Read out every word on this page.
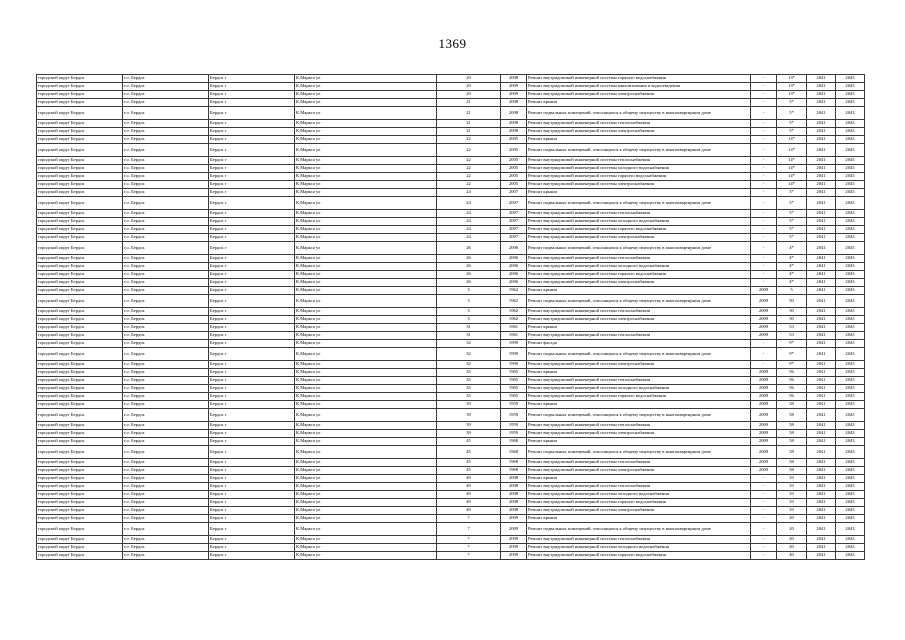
1369
городской округ Бердск	г.о. Бердск	Бердск г	К.Маркса ул	20	2008	Ремонт внутридомовой инженерной системы горячего водоснабжения	-	13*	2041	2043
городской округ Бердск	г.о. Бердск	Бердск г	К.Маркса ул	20	2009	Ремонт внутридомовой инженерной системы канализования и водоотведения	-	13*	2041	2043
городской округ Бердск	г.о. Бердск	Бердск г	К.Маркса ул	20	2009	Ремонт внутридомовой инженерной системы электроснабжения	-	13*	2041	2043
городской округ Бердск	г.о. Бердск	Бердск г	К.Маркса ул	21	2008	Ремонт крыши	-	5*	2041	2043
городской округ Бердск	г.о. Бердск	Бердск г	К.Маркса ул	21	2008	Ремонт подвальных помещений, относящихся к общему имуществу в многоквартирном доме	-	5*	2041	2043
городской округ Бердск	г.о. Бердск	Бердск г	К.Маркса ул	21	2008	Ремонт внутридомовой инженерной системы теплоснабжения	-	5*	2041	2043
городской округ Бердск	г.о. Бердск	Бердск г	К.Маркса ул	21	2008	Ремонт внутридомовой инженерной системы электроснабжения	-	5*	2041	2043
городской округ Бердск	г.о. Бердск	Бердск г	К.Маркса ул	22	2005	Ремонт крыши	-	14*	2041	2043
городской округ Бердск	г.о. Бердск	Бердск г	К.Маркса ул	22	2005	Ремонт подвальных помещений, относящихся к общему имуществу в многоквартирном доме	-	14*	2041	2043
городской округ Бердск	г.о. Бердск	Бердск г	К.Маркса ул	22	2005	Ремонт внутридомовой инженерной системы теплоснабжения	-	14*	2041	2043
городской округ Бердск	г.о. Бердск	Бердск г	К.Маркса ул	22	2005	Ремонт внутридомовой инженерной системы холодного водоснабжения	-	14*	2041	2043
городской округ Бердск	г.о. Бердск	Бердск г	К.Маркса ул	22	2005	Ремонт внутридомовой инженерной системы горячего водоснабжения	-	14*	2041	2043
городской округ Бердск	г.о. Бердск	Бердск г	К.Маркса ул	22	2005	Ремонт внутридомовой инженерной системы электроснабжения	-	14*	2041	2043
городской округ Бердск	г.о. Бердск	Бердск г	К.Маркса ул	24	2007	Ремонт крыши	-	5*	2041	2043
городской округ Бердск	г.о. Бердск	Бердск г	К.Маркса ул	24	2007	Ремонт подвальных помещений, относящихся к общему имуществу в многоквартирном доме	-	5*	2041	2043
городской округ Бердск	г.о. Бердск	Бердск г	К.Маркса ул	24	2007	Ремонт внутридомовой инженерной системы теплоснабжения	-	5*	2041	2043
городской округ Бердск	г.о. Бердск	Бердск г	К.Маркса ул	24	2007	Ремонт внутридомовой инженерной системы холодного водоснабжения	-	5*	2041	2043
городской округ Бердск	г.о. Бердск	Бердск г	К.Маркса ул	24	2007	Ремонт внутридомовой инженерной системы горячего водоснабжения	-	5*	2041	2043
городской округ Бердск	г.о. Бердск	Бердск г	К.Маркса ул	24	2007	Ремонт внутридомовой инженерной системы электроснабжения	-	5*	2041	2043
городской округ Бердск	г.о. Бердск	Бердск г	К.Маркса ул	26	2006	Ремонт подвальных помещений, относящихся к общему имуществу в многоквартирном доме	-	4*	2041	2043
городской округ Бердск	г.о. Бердск	Бердск г	К.Маркса ул	26	2006	Ремонт внутридомовой инженерной системы теплоснабжения	-	4*	2041	2043
городской округ Бердск	г.о. Бердск	Бердск г	К.Маркса ул	26	2006	Ремонт внутридомовой инженерной системы холодного водоснабжения	-	4*	2041	2043
городской округ Бердск	г.о. Бердск	Бердск г	К.Маркса ул	26	2006	Ремонт внутридомовой инженерной системы горячего водоснабжения	-	4*	2041	2043
городской округ Бердск	г.о. Бердск	Бердск г	К.Маркса ул	26	2006	Ремонт внутридомовой инженерной системы электроснабжения	-	4*	2041	2043
городской округ Бердск	г.о. Бердск	Бердск г	К.Маркса ул	3	1962	Ремонт крыши	2009	5	2041	2043
городской округ Бердск	г.о. Бердск	Бердск г	К.Маркса ул	3	1962	Ремонт подвальных помещений, относящихся к общему имуществу в многоквартирном доме	2009	50	2041	2043
городской округ Бердск	г.о. Бердск	Бердск г	К.Маркса ул	3	1962	Ремонт внутридомовой инженерной системы теплоснабжения	2009	50	2041	2043
городской округ Бердск	г.о. Бердск	Бердск г	К.Маркса ул	3	1962	Ремонт внутридомовой инженерной системы электроснабжения	2009	50	2041	2043
городской округ Бердск	г.о. Бердск	Бердск г	К.Маркса ул	31	1961	Ремонт крыши	2009	53	2041	2043
городской округ Бердск	г.о. Бердск	Бердск г	К.Маркса ул	31	1961	Ремонт внутридомовой инженерной системы теплоснабжения	2009	53	2041	2043
городской округ Бердск	г.о. Бердск	Бердск г	К.Маркса ул	32	1999	Ремонт фасада	-	9*	2041	2043
городской округ Бердск	г.о. Бердск	Бердск г	К.Маркса ул	32	1999	Ремонт подвальных помещений, относящихся к общему имуществу в многоквартирном доме	-	9*	2041	2043
городской округ Бердск	г.о. Бердск	Бердск г	К.Маркса ул	32	1999	Ремонт внутридомовой инженерной системы электроснабжения	-	9*	2041	2043
городской округ Бердск	г.о. Бердск	Бердск г	К.Маркса ул	35	1965	Ремонт крыши	2009	56	2041	2043
городской округ Бердск	г.о. Бердск	Бердск г	К.Маркса ул	35	1965	Ремонт внутридомовой инженерной системы теплоснабжения	2009	56	2041	2043
городской округ Бердск	г.о. Бердск	Бердск г	К.Маркса ул	35	1965	Ремонт внутридомовой инженерной системы холодного водоснабжения	2009	56	2041	2043
городской округ Бердск	г.о. Бердск	Бердск г	К.Маркса ул	35	1965	Ремонт внутридомовой инженерной системы горячего водоснабжения	2009	56	2041	2043
городской округ Бердск	г.о. Бердск	Бердск г	К.Маркса ул	39	1959	Ремонт крыши	2009	58	2041	2043
городской округ Бердск	г.о. Бердск	Бердск г	К.Маркса ул	39	1959	Ремонт подвальных помещений, относящихся к общему имуществу в многоквартирном доме	2009	58	2041	2043
городской округ Бердск	г.о. Бердск	Бердск г	К.Маркса ул	39	1959	Ремонт внутридомовой инженерной системы теплоснабжения	2009	58	2041	2043
городской округ Бердск	г.о. Бердск	Бердск г	К.Маркса ул	39	1959	Ремонт внутридомовой инженерной системы электроснабжения	2009	58	2041	2043
городской округ Бердск	г.о. Бердск	Бердск г	К.Маркса ул	45	1968	Ремонт крыши	2009	58	2041	2043
городской округ Бердск	г.о. Бердск	Бердск г	К.Маркса ул	45	1968	Ремонт подвальных помещений, относящихся к общему имуществу в многоквартирном доме	2009	58	2041	2043
городской округ Бердск	г.о. Бердск	Бердск г	К.Маркса ул	45	1968	Ремонт внутридомовой инженерной системы теплоснабжения	2009	58	2041	2043
городской округ Бердск	г.о. Бердск	Бердск г	К.Маркса ул	45	1968	Ремонт внутридомовой инженерной системы электроснабжения	2009	58	2041	2043
городской округ Бердск	г.о. Бердск	Бердск г	К.Маркса ул	49	2008	Ремонт крыши	-	33	2041	2043
городской округ Бердск	г.о. Бердск	Бердск г	К.Маркса ул	49	2008	Ремонт внутридомовой инженерной системы теплоснабжения	-	33	2041	2043
городской округ Бердск	г.о. Бердск	Бердск г	К.Маркса ул	49	2008	Ремонт внутридомовой инженерной системы холодного водоснабжения	-	33	2041	2043
городской округ Бердск	г.о. Бердск	Бердск г	К.Маркса ул	49	2008	Ремонт внутридомовой инженерной системы горячего водоснабжения	-	33	2041	2043
городской округ Бердск	г.о. Бердск	Бердск г	К.Маркса ул	49	2008	Ремонт внутридомовой инженерной системы электроснабжения	-	33	2041	2043
городской округ Бердск	г.о. Бердск	Бердск г	К.Маркса ул	7	2009	Ремонт крыши	-	20	2041	2043
городской округ Бердск	г.о. Бердск	Бердск г	К.Маркса ул	7	2009	Ремонт подвальных помещений, относящихся к общему имуществу в многоквартирном доме	-	20	2041	2043
городской округ Бердск	г.о. Бердск	Бердск г	К.Маркса ул	7	2009	Ремонт внутридомовой инженерной системы теплоснабжения	-	20	2041	2043
городской округ Бердск	г.о. Бердск	Бердск г	К.Маркса ул	7	2009	Ремонт внутридомовой инженерной системы холодного водоснабжения	-	20	2041	2043
городской округ Бердск	г.о. Бердск	Бердск г	К.Маркса ул	7	2009	Ремонт внутридомовой инженерной системы горячего водоснабжения	-	40	2041	2043
